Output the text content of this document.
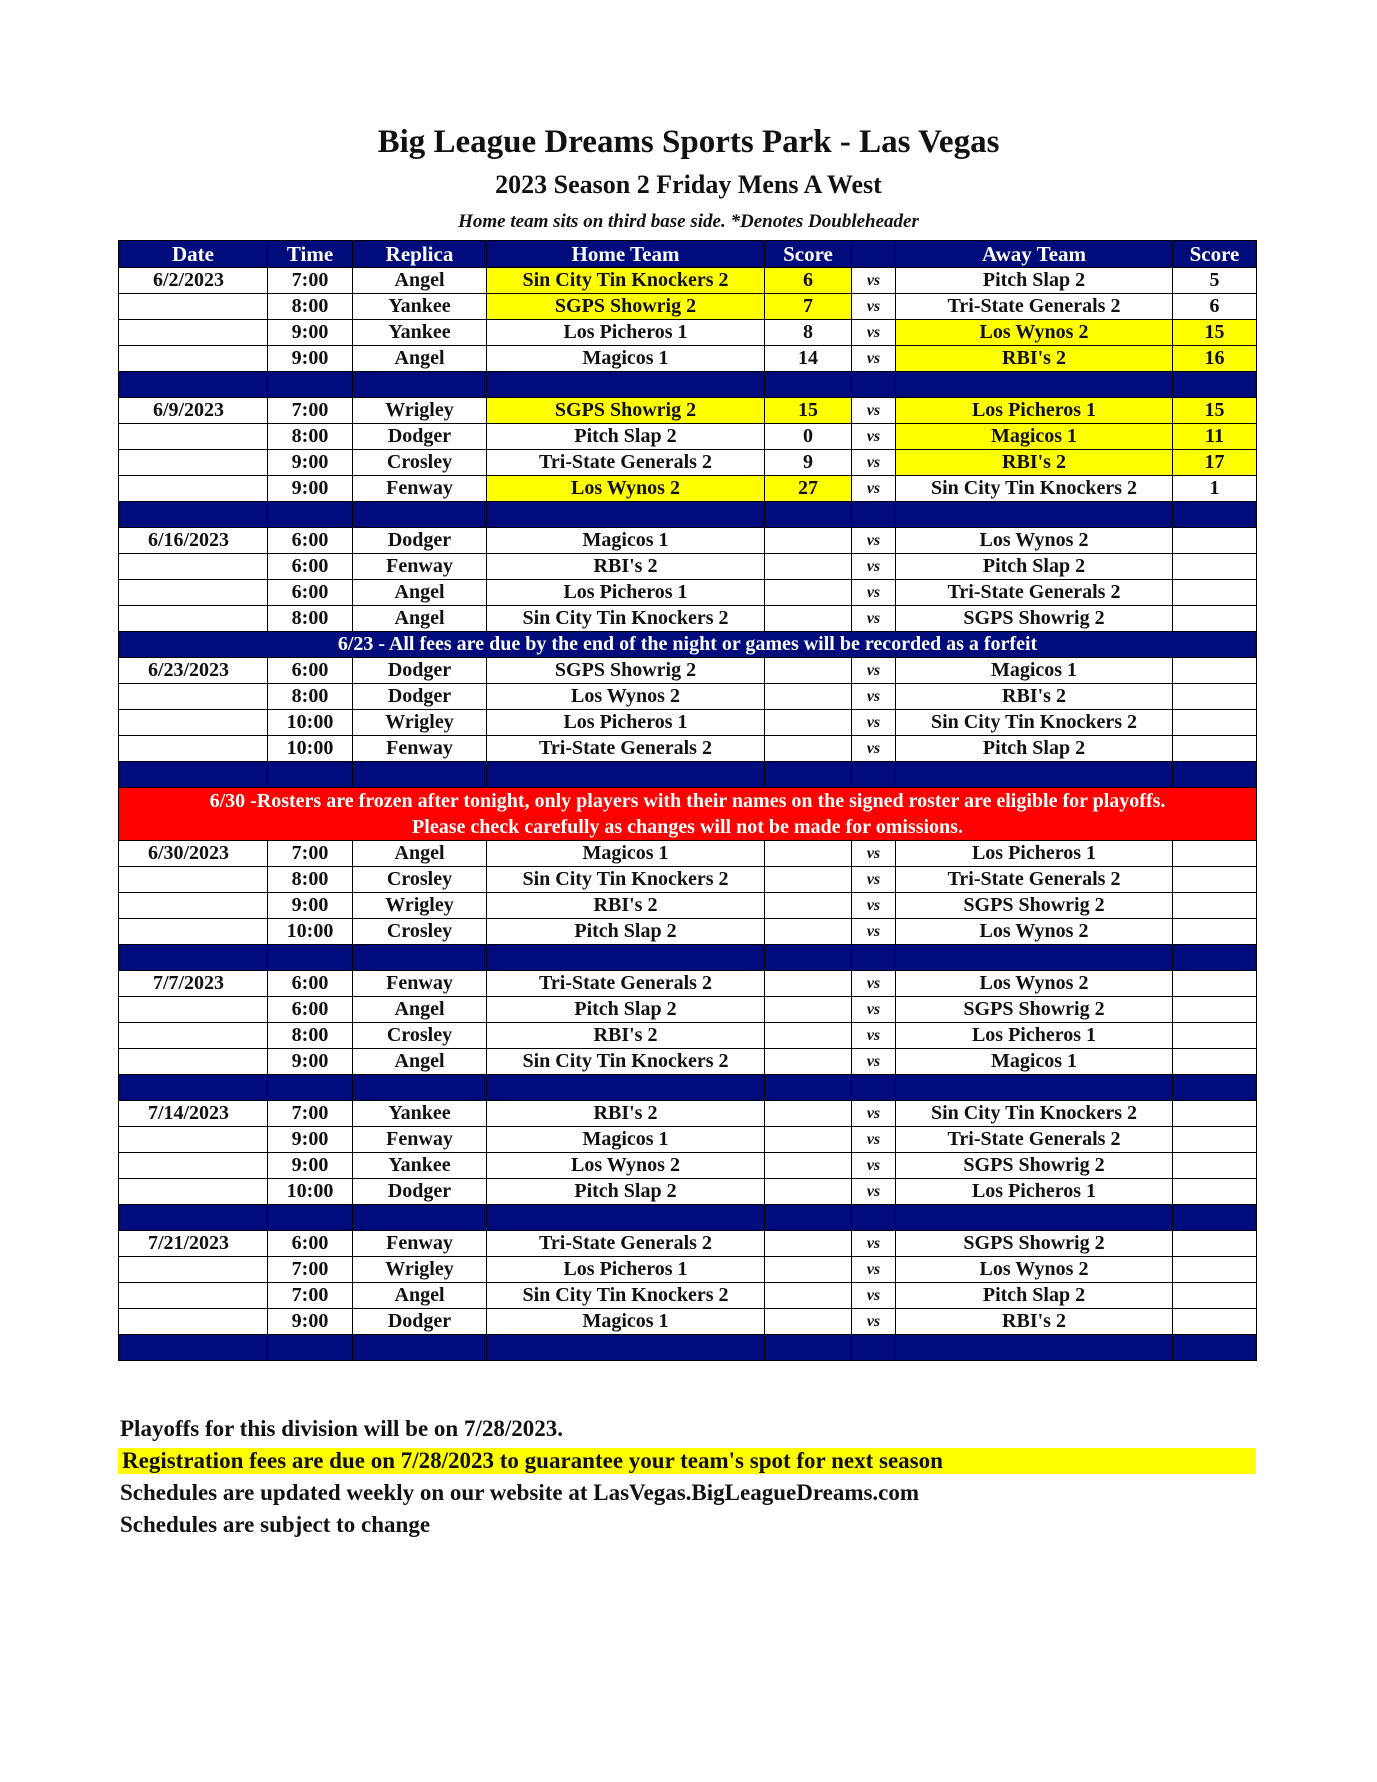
Big League Dreams Sports Park - Las Vegas
2023 Season 2 Friday Mens A West
Home team sits on third base side. *Denotes Doubleheader
Date	Time	Replica	Home Team	Score		Away Team	Score
6/2/2023	7:00	Angel	Sin City Tin Knockers 2	6	vs	Pitch Slap 2	5
	8:00	Yankee	SGPS Showrig 2	7	vs	Tri-State Generals 2	6
	9:00	Yankee	Los Picheros 1	8	vs	Los Wynos 2	15
	9:00	Angel	Magicos 1	14	vs	RBI's 2	16

6/9/2023	7:00	Wrigley	SGPS Showrig 2	15	vs	Los Picheros 1	15
	8:00	Dodger	Pitch Slap 2	0	vs	Magicos 1	11
	9:00	Crosley	Tri-State Generals 2	9	vs	RBI's 2	17
	9:00	Fenway	Los Wynos 2	27	vs	Sin City Tin Knockers 2	1

6/16/2023	6:00	Dodger	Magicos 1		vs	Los Wynos 2	
	6:00	Fenway	RBI's 2		vs	Pitch Slap 2	
	6:00	Angel	Los Picheros 1		vs	Tri-State Generals 2	
	8:00	Angel	Sin City Tin Knockers 2		vs	SGPS Showrig 2	
6/23 - All fees are due by the end of the night or games will be recorded as a forfeit							
6/23/2023	6:00	Dodger	SGPS Showrig 2		vs	Magicos 1	
	8:00	Dodger	Los Wynos 2		vs	RBI's 2	
	10:00	Wrigley	Los Picheros 1		vs	Sin City Tin Knockers 2	
	10:00	Fenway	Tri-State Generals 2		vs	Pitch Slap 2	

6/30 -Rosters are frozen after tonight, only players with their names on the signed roster are eligible for playoffs.
Please check carefully as changes will not be made for omissions.							

6/30/2023	7:00	Angel	Magicos 1		vs	Los Picheros 1	
	8:00	Crosley	Sin City Tin Knockers 2		vs	Tri-State Generals 2	
	9:00	Wrigley	RBI's 2		vs	SGPS Showrig 2	
	10:00	Crosley	Pitch Slap 2		vs	Los Wynos 2	

7/7/2023	6:00	Fenway	Tri-State Generals 2		vs	Los Wynos 2	
	6:00	Angel	Pitch Slap 2		vs	SGPS Showrig 2	
	8:00	Crosley	RBI's 2		vs	Los Picheros 1	
	9:00	Angel	Sin City Tin Knockers 2		vs	Magicos 1	

7/14/2023	7:00	Yankee	RBI's 2		vs	Sin City Tin Knockers 2	
	9:00	Fenway	Magicos 1		vs	Tri-State Generals 2	
	9:00	Yankee	Los Wynos 2		vs	SGPS Showrig 2	
	10:00	Dodger	Pitch Slap 2		vs	Los Picheros 1	

7/21/2023	6:00	Fenway	Tri-State Generals 2		vs	SGPS Showrig 2	
	7:00	Wrigley	Los Picheros 1		vs	Los Wynos 2	
	7:00	Angel	Sin City Tin Knockers 2		vs	Pitch Slap 2	
	9:00	Dodger	Magicos 1		vs	RBI's 2	

Playoffs for this division will be on 7/28/2023.
Registration fees are due on 7/28/2023 to guarantee your team's spot for next season
Schedules are updated weekly on our website at LasVegas.BigLeagueDreams.com
Schedules are subject to change
